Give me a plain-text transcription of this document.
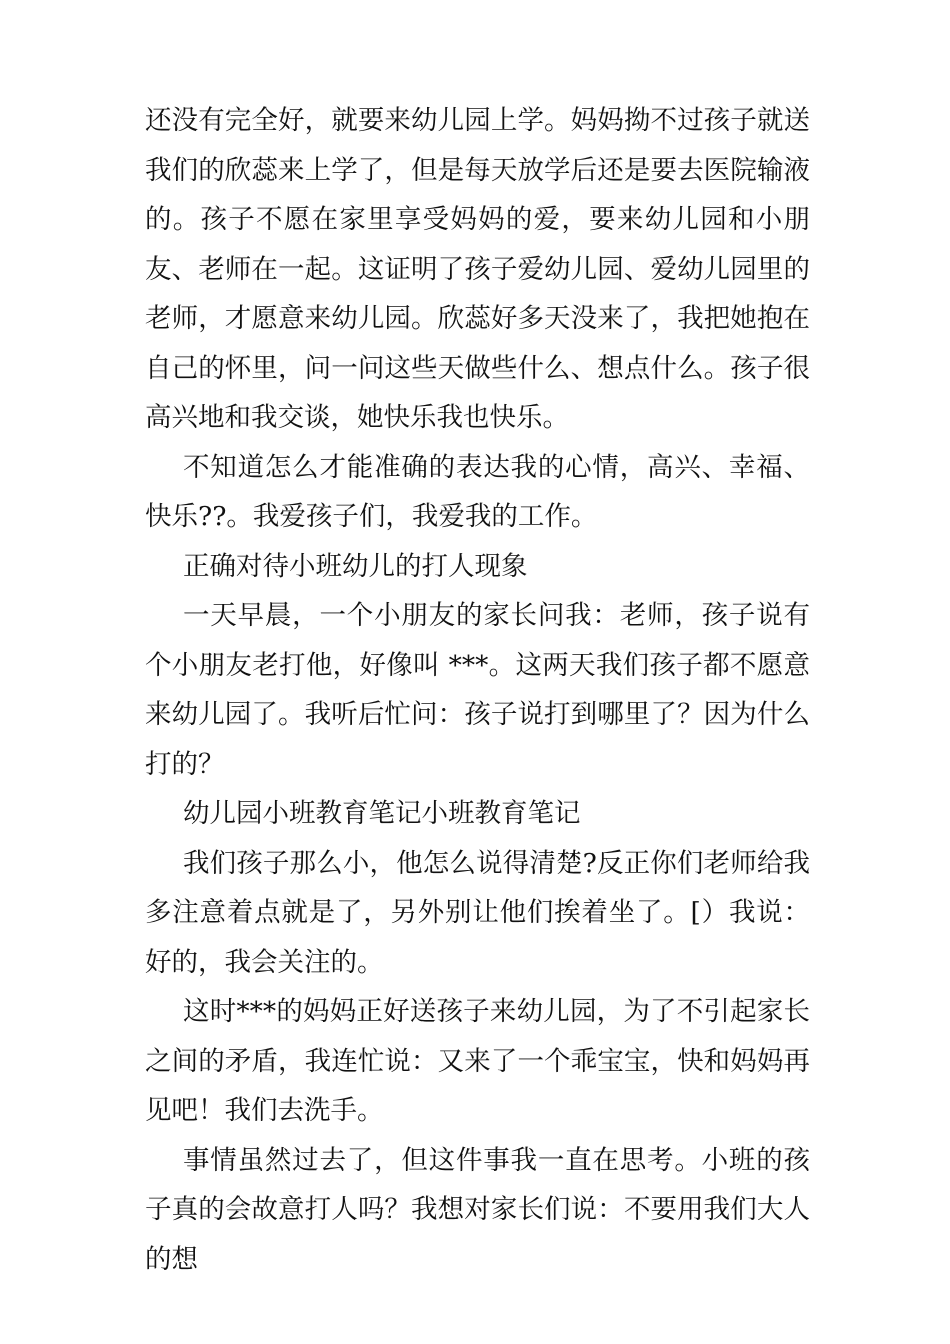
还没有完全好，就要来幼儿园上学。妈妈拗不过孩子就送我们的欣蕊来上学了，但是每天放学后还是要去医院输液的。孩子不愿在家里享受妈妈的爱，要来幼儿园和小朋友、老师在一起。这证明了孩子爱幼儿园、爱幼儿园里的老师，才愿意来幼儿园。欣蕊好多天没来了，我把她抱在自己的怀里，问一问这些天做些什么、想点什么。孩子很高兴地和我交谈，她快乐我也快乐。

不知道怎么才能准确的表达我的心情，高兴、幸福、快乐??。我爱孩子们，我爱我的工作。

正确对待小班幼儿的打人现象

一天早晨，一个小朋友的家长问我：老师，孩子说有个小朋友老打他，好像叫 ***。这两天我们孩子都不愿意来幼儿园了。我听后忙问：孩子说打到哪里了？因为什么打的？

幼儿园小班教育笔记小班教育笔记

我们孩子那么小，他怎么说得清楚?反正你们老师给我多注意着点就是了，另外别让他们挨着坐了。[）我说：好的，我会关注的。

这时***的妈妈正好送孩子来幼儿园，为了不引起家长之间的矛盾，我连忙说：又来了一个乖宝宝，快和妈妈再见吧！我们去洗手。

事情虽然过去了，但这件事我一直在思考。小班的孩子真的会故意打人吗？我想对家长们说：不要用我们大人的想
